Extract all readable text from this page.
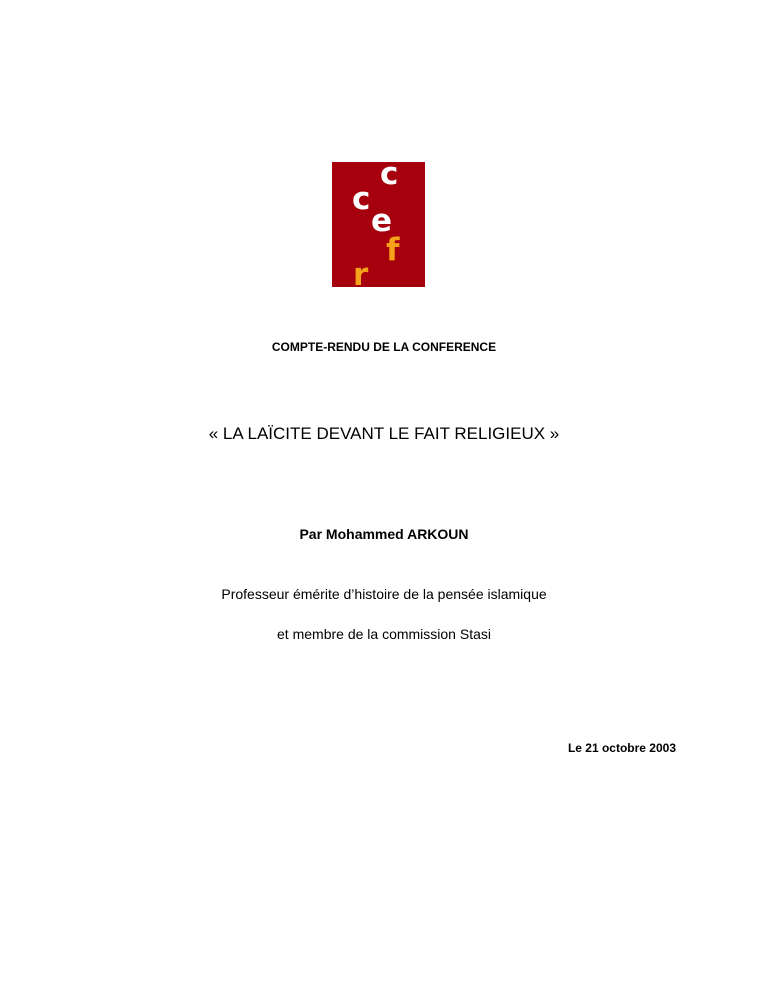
c
c
e
f
r
COMPTE-RENDU DE LA CONFERENCE
« LA LAÏCITE DEVANT LE FAIT RELIGIEUX »
Par Mohammed ARKOUN
Professeur émérite d’histoire de la pensée islamique
et membre de la commission Stasi
Le 21 octobre 2003
